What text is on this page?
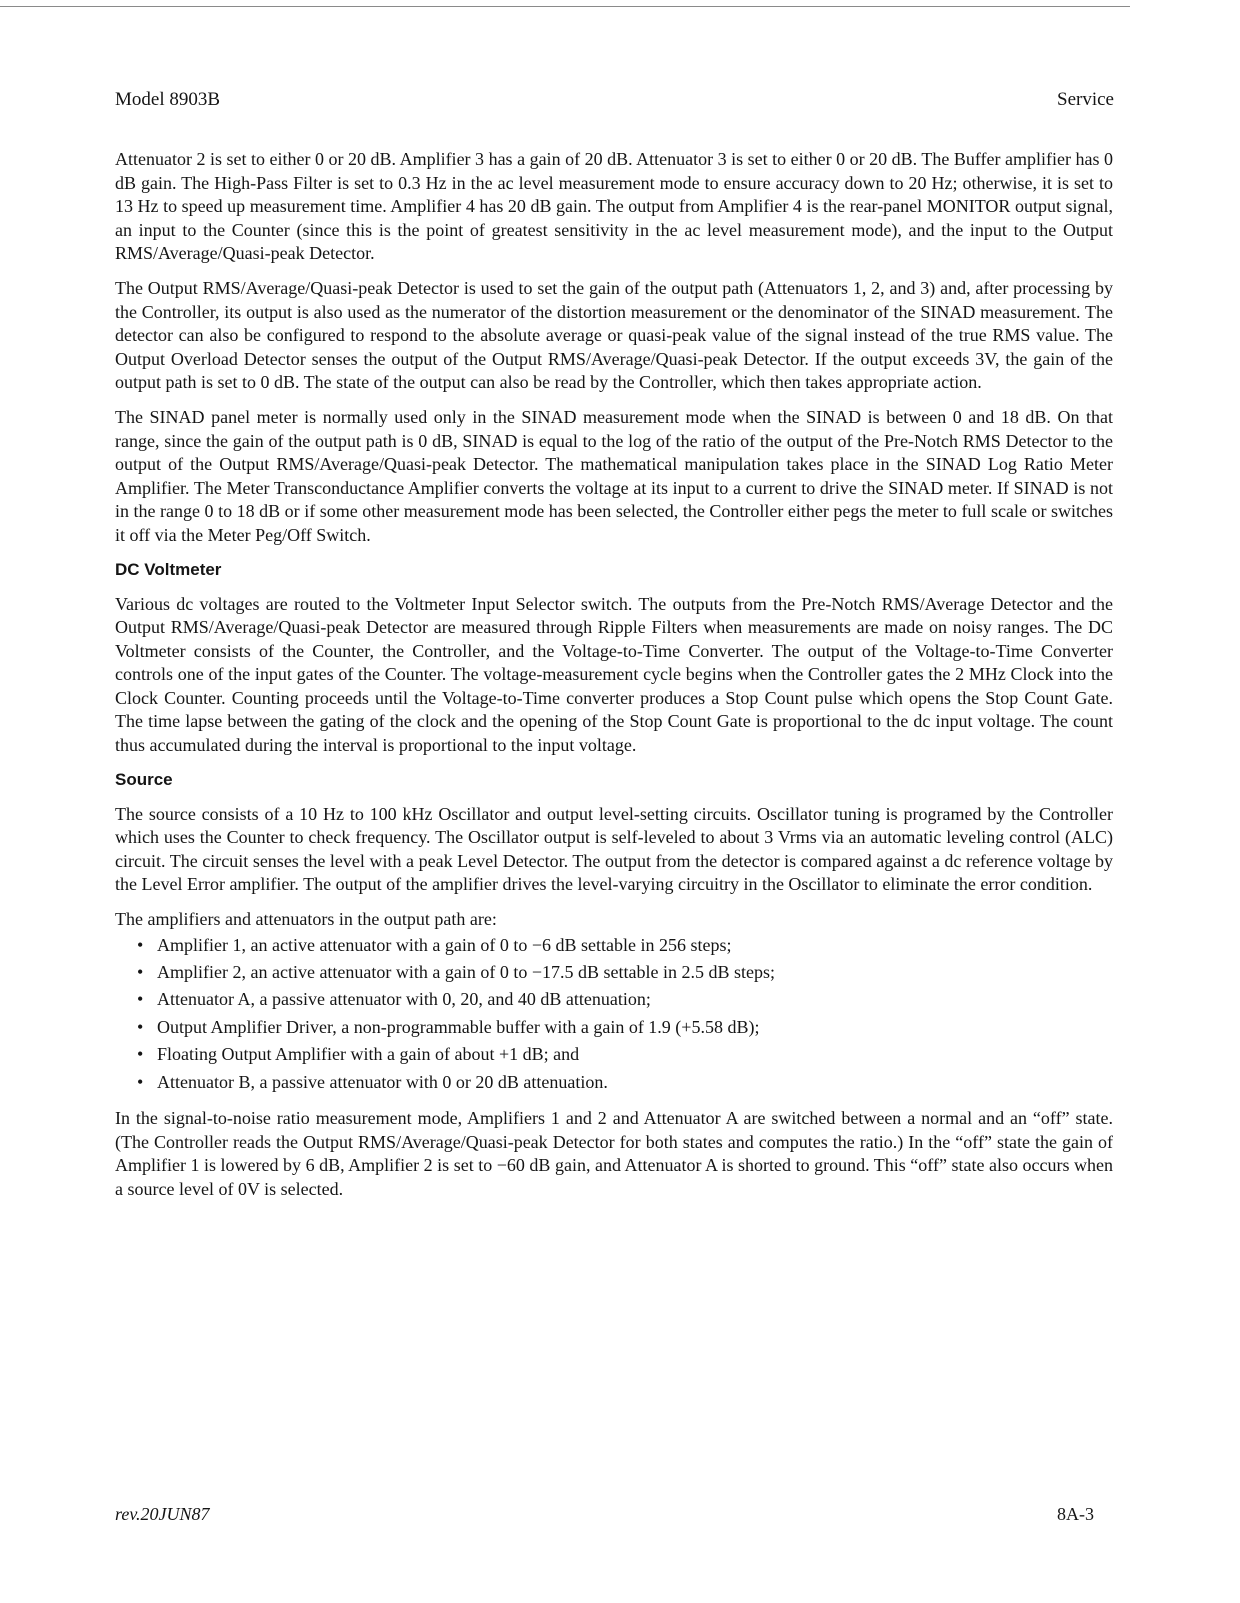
Model 8903B	Service

Attenuator 2 is set to either 0 or 20 dB. Amplifier 3 has a gain of 20 dB. Attenuator 3 is set to either 0 or 20 dB. The Buffer amplifier has 0 dB gain. The High-Pass Filter is set to 0.3 Hz in the ac level measurement mode to ensure accuracy down to 20 Hz; otherwise, it is set to 13 Hz to speed up measurement time. Amplifier 4 has 20 dB gain. The output from Amplifier 4 is the rear-panel MONITOR output signal, an input to the Counter (since this is the point of greatest sensitivity in the ac level measurement mode), and the input to the Output RMS/Average/Quasi-peak Detector.

The Output RMS/Average/Quasi-peak Detector is used to set the gain of the output path (Attenuators 1, 2, and 3) and, after processing by the Controller, its output is also used as the numerator of the distortion measurement or the denominator of the SINAD measurement. The detector can also be configured to respond to the absolute average or quasi-peak value of the signal instead of the true RMS value. The Output Overload Detector senses the output of the Output RMS/Average/Quasi-peak Detector. If the output exceeds 3V, the gain of the output path is set to 0 dB. The state of the output can also be read by the Controller, which then takes appropriate action.

The SINAD panel meter is normally used only in the SINAD measurement mode when the SINAD is between 0 and 18 dB. On that range, since the gain of the output path is 0 dB, SINAD is equal to the log of the ratio of the output of the Pre-Notch RMS Detector to the output of the Output RMS/Average/Quasi-peak Detector. The mathematical manipulation takes place in the SINAD Log Ratio Meter Amplifier. The Meter Transconductance Amplifier converts the voltage at its input to a current to drive the SINAD meter. If SINAD is not in the range 0 to 18 dB or if some other measurement mode has been selected, the Controller either pegs the meter to full scale or switches it off via the Meter Peg/Off Switch.

DC Voltmeter

Various dc voltages are routed to the Voltmeter Input Selector switch. The outputs from the Pre-Notch RMS/Average Detector and the Output RMS/Average/Quasi-peak Detector are measured through Ripple Filters when measurements are made on noisy ranges. The DC Voltmeter consists of the Counter, the Controller, and the Voltage-to-Time Converter. The output of the Voltage-to-Time Converter controls one of the input gates of the Counter. The voltage-measurement cycle begins when the Controller gates the 2 MHz Clock into the Clock Counter. Counting proceeds until the Voltage-to-Time converter produces a Stop Count pulse which opens the Stop Count Gate. The time lapse between the gating of the clock and the opening of the Stop Count Gate is proportional to the dc input voltage. The count thus accumulated during the interval is proportional to the input voltage.

Source

The source consists of a 10 Hz to 100 kHz Oscillator and output level-setting circuits. Oscillator tuning is programed by the Controller which uses the Counter to check frequency. The Oscillator output is self-leveled to about 3 Vrms via an automatic leveling control (ALC) circuit. The circuit senses the level with a peak Level Detector. The output from the detector is compared against a dc reference voltage by the Level Error amplifier. The output of the amplifier drives the level-varying circuitry in the Oscillator to eliminate the error condition.

The amplifiers and attenuators in the output path are:

• Amplifier 1, an active attenuator with a gain of 0 to −6 dB settable in 256 steps;
• Amplifier 2, an active attenuator with a gain of 0 to −17.5 dB settable in 2.5 dB steps;
• Attenuator A, a passive attenuator with 0, 20, and 40 dB attenuation;
• Output Amplifier Driver, a non-programmable buffer with a gain of 1.9 (+5.58 dB);
• Floating Output Amplifier with a gain of about +1 dB; and
• Attenuator B, a passive attenuator with 0 or 20 dB attenuation.

In the signal-to-noise ratio measurement mode, Amplifiers 1 and 2 and Attenuator A are switched between a normal and an “off” state. (The Controller reads the Output RMS/Average/Quasi-peak Detector for both states and computes the ratio.) In the “off” state the gain of Amplifier 1 is lowered by 6 dB, Amplifier 2 is set to −60 dB gain, and Attenuator A is shorted to ground. This “off” state also occurs when a source level of 0V is selected.

rev.20JUN87	8A-3
